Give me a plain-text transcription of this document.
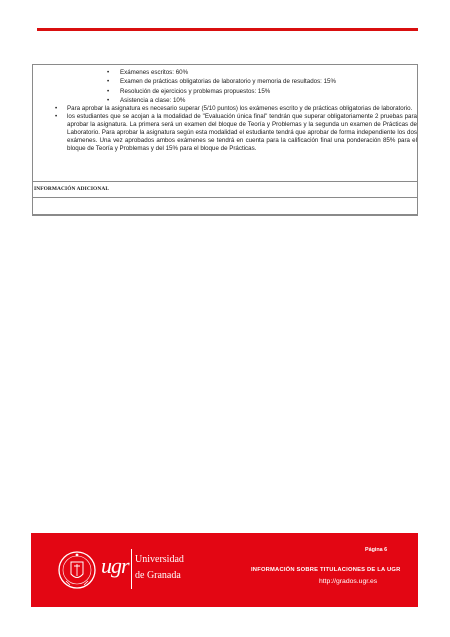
• Exámenes escritos: 60%
• Examen de prácticas obligatorias de laboratorio y memoria de resultados: 15%
• Resolución de ejercicios y problemas propuestos: 15%
• Asistencia a clase: 10%
• Para aprobar la asignatura es necesario superar (5/10 puntos) los exámenes escrito y de prácticas obligatorias de laboratorio.
• los estudiantes que se acojan a la modalidad de "Evaluación única final" tendrán que superar obligatoriamente 2 pruebas para aprobar la asignatura. La primera será un examen del bloque de Teoría y Problemas y la segunda un examen de Prácticas de Laboratorio. Para aprobar la asignatura según esta modalidad el estudiante tendrá que aprobar de forma independiente los dos exámenes. Una vez aprobados ambos exámenes se tendrá en cuenta para la calificación final una ponderación 85% para el bloque de Teoría y Problemas y del 15% para el bloque de Prácticas.
INFORMACIÓN ADICIONAL
ugr Universidad
de Granada
Página 6
INFORMACIÓN SOBRE TITULACIONES DE LA UGR
http://grados.ugr.es
